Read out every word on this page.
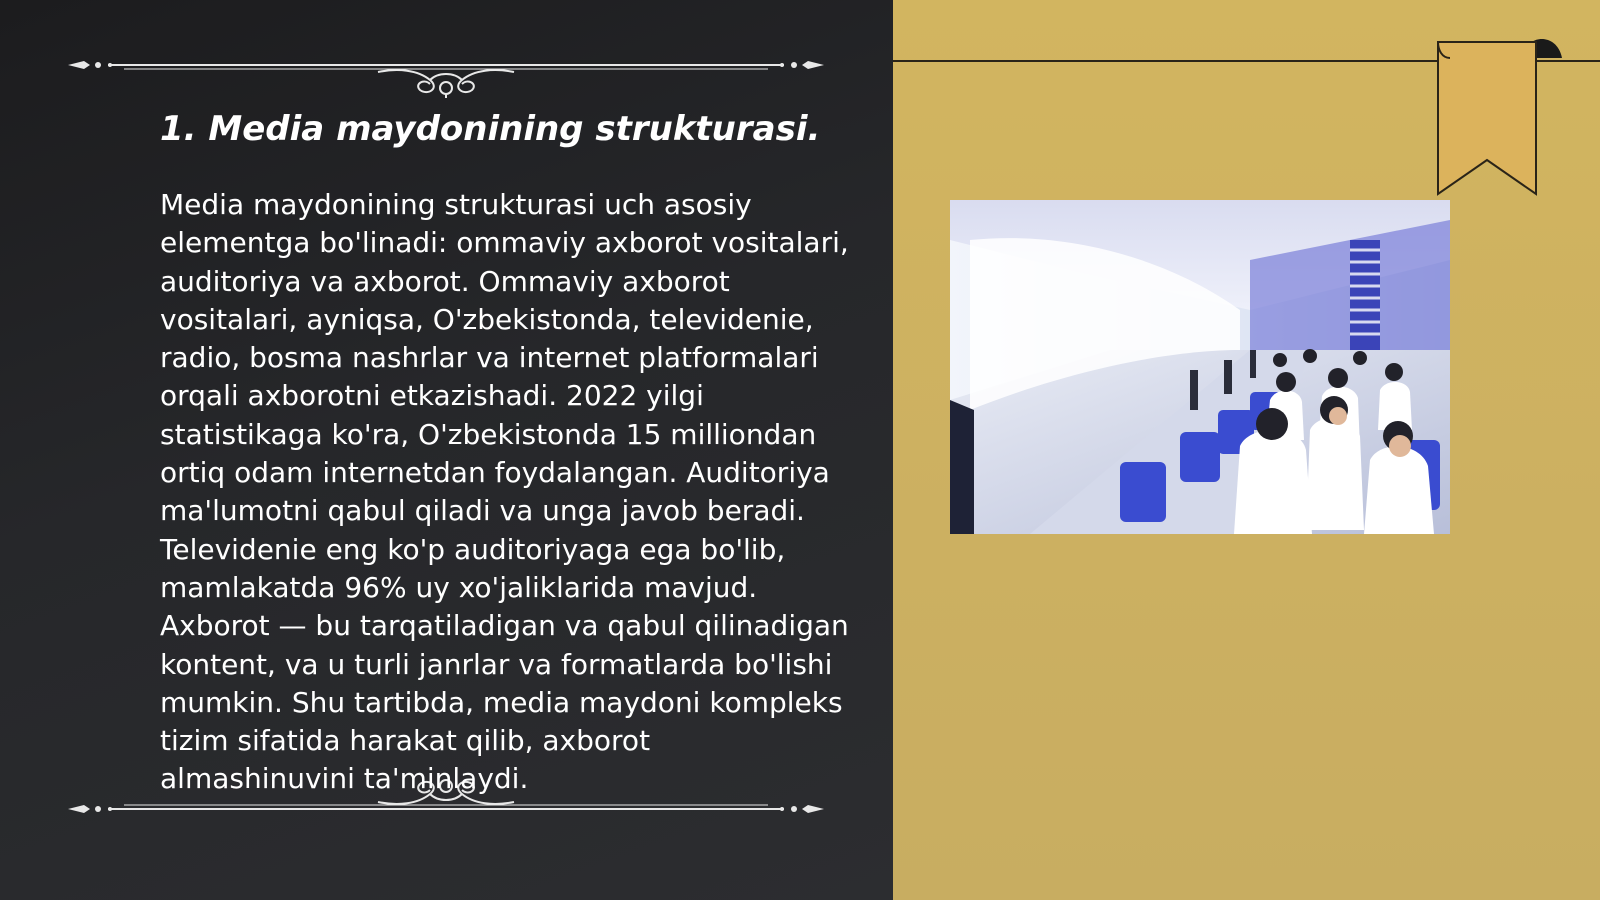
1. Media maydonining strukturasi.

Media maydonining strukturasi uch asosiy elementga bo'linadi: ommaviy axborot vositalari, auditoriya va axborot. Ommaviy axborot vositalari, ayniqsa, O'zbekistonda, televidenie, radio, bosma nashrlar va internet platformalari orqali axborotni etkazishadi. 2022 yilgi statistikaga ko'ra, O'zbekistonda 15 milliondan ortiq odam internetdan foydalangan. Auditoriya ma'lumotni qabul qiladi va unga javob beradi. Televidenie eng ko'p auditoriyaga ega bo'lib, mamlakatda 96% uy xo'jaliklarida mavjud. Axborot — bu tarqatiladigan va qabul qilinadigan kontent, va u turli janrlar va formatlarda bo'lishi mumkin. Shu tartibda, media maydoni kompleks tizim sifatida harakat qilib, axborot almashinuvini ta'minlaydi.
